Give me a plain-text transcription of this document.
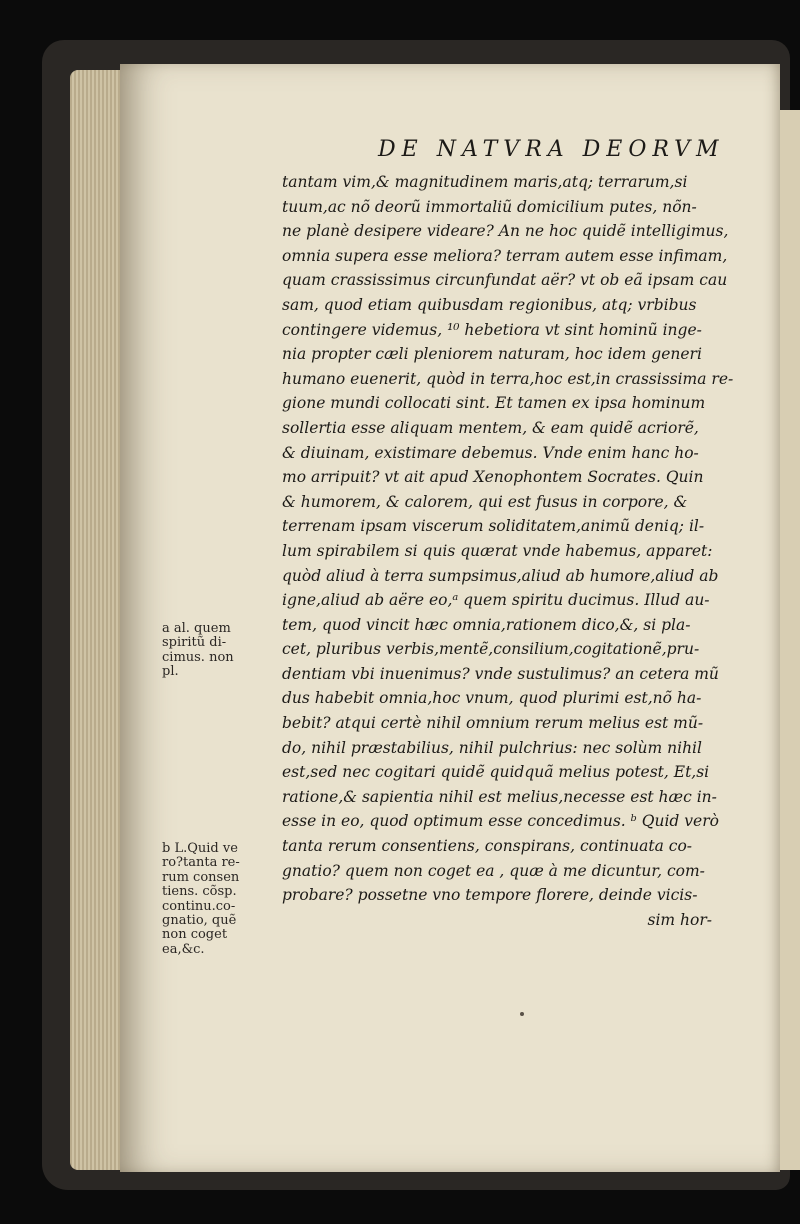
DE NATVRA DEORVM
tantam vim,& magnitudinem maris,atq; terrarum,si
tuum,ac nõ deorũ immortaliũ domicilium putes, nõn-
ne planè desipere videare? An ne hoc quidẽ intelligimus,
omnia supera esse meliora? terram autem esse infimam,
quam crassissimus circunfundat aër? vt ob eã ipsam cau
sam, quod etiam quibusdam regionibus, atq; vrbibus
contingere videmus, ¹⁰ hebetiora vt sint hominũ inge-
nia propter cæli pleniorem naturam, hoc idem generi
humano euenerit, quòd in terra,hoc est,in crassissima re-
gione mundi collocati sint. Et tamen ex ipsa hominum
sollertia esse aliquam mentem, & eam quidẽ acriorẽ,
& diuinam, existimare debemus. Vnde enim hanc ho-
mo arripuit? vt ait apud Xenophontem Socrates. Quin
& humorem, & calorem, qui est fusus in corpore, &
terrenam ipsam viscerum soliditatem,animũ deniq; il-
lum spirabilem si quis quærat vnde habemus, apparet:
quòd aliud à terra sumpsimus,aliud ab humore,aliud ab
igne,aliud ab aëre eo,ᵃ quem spiritu ducimus. Illud au-
tem, quod vincit hæc omnia,rationem dico,&, si pla-
cet, pluribus verbis,mentẽ,consilium,cogitationẽ,pru-
dentiam vbi inuenimus? vnde sustulimus? an cetera mũ
dus habebit omnia,hoc vnum, quod plurimi est,nõ ha-
bebit? atqui certè nihil omnium rerum melius est mũ-
do, nihil præstabilius, nihil pulchrius: nec solùm nihil
est,sed nec cogitari quidẽ quidquã melius potest, Et,si
ratione,& sapientia nihil est melius,necesse est hæc in-
esse in eo, quod optimum esse concedimus. ᵇ Quid verò
tanta rerum consentiens, conspirans, continuata co-
gnatio? quem non coget ea , quæ à me dicuntur, com-
probare? possetne vno tempore florere, deinde vicis-
sim hor-
a al. quem
spiritũ di-
cimus. non
pl.
b L.Quid ve
ro?tanta re-
rum consen
tiens. cõsp.
continu.co-
gnatio, quẽ
non coget
ea,&c.
